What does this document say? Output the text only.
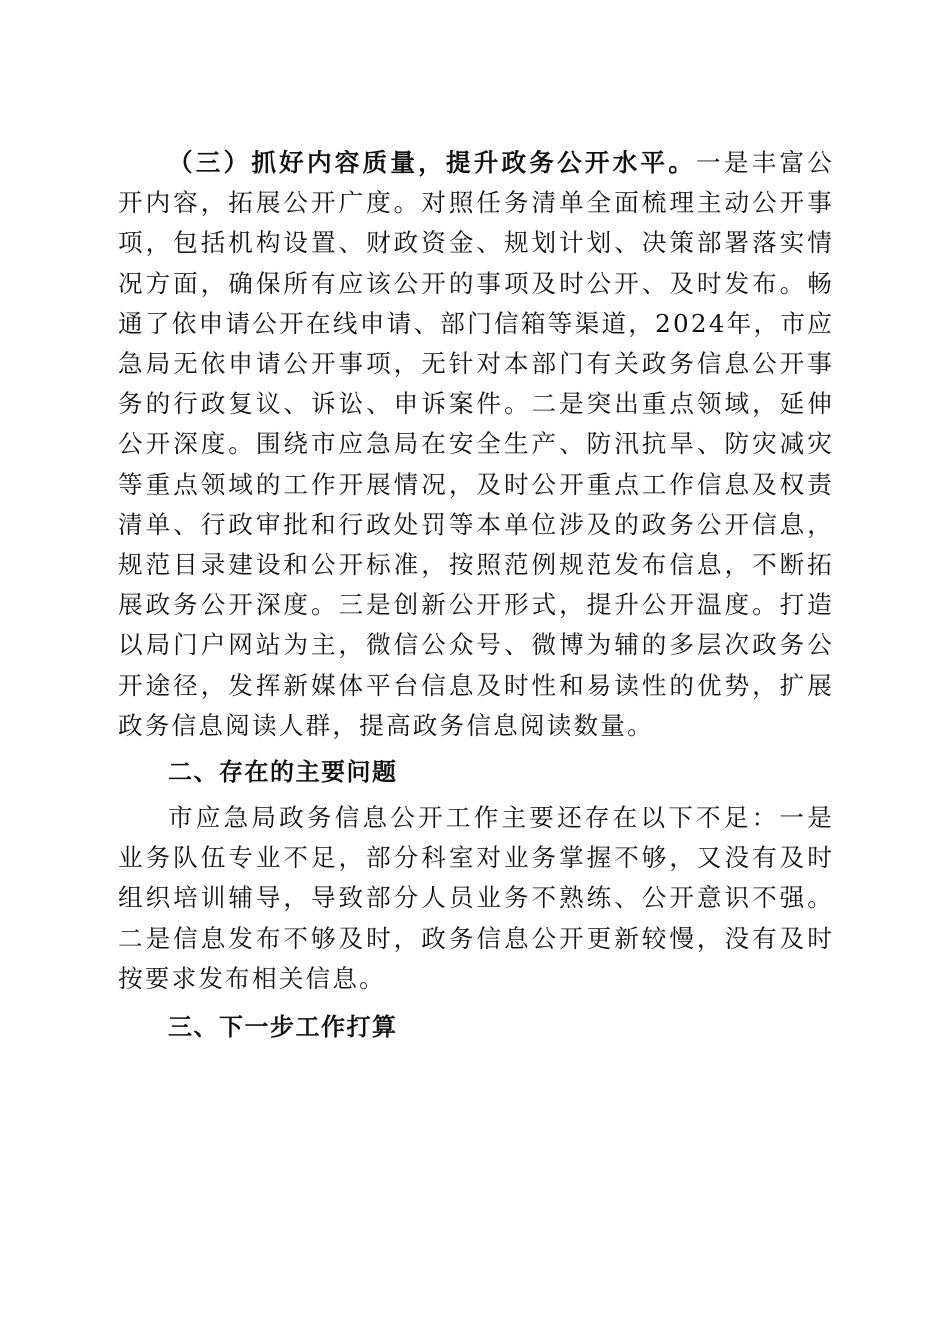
（三）抓好内容质量，提升政务公开水平。一是丰富公开内容，拓展公开广度。对照任务清单全面梳理主动公开事项，包括机构设置、财政资金、规划计划、决策部署落实情况方面，确保所有应该公开的事项及时公开、及时发布。畅通了依申请公开在线申请、部门信箱等渠道，2024年，市应急局无依申请公开事项，无针对本部门有关政务信息公开事务的行政复议、诉讼、申诉案件。二是突出重点领域，延伸公开深度。围绕市应急局在安全生产、防汛抗旱、防灾减灾等重点领域的工作开展情况，及时公开重点工作信息及权责清单、行政审批和行政处罚等本单位涉及的政务公开信息，规范目录建设和公开标准，按照范例规范发布信息，不断拓展政务公开深度。三是创新公开形式，提升公开温度。打造以局门户网站为主，微信公众号、微博为辅的多层次政务公开途径，发挥新媒体平台信息及时性和易读性的优势，扩展政务信息阅读人群，提高政务信息阅读数量。

二、存在的主要问题

市应急局政务信息公开工作主要还存在以下不足：一是业务队伍专业不足，部分科室对业务掌握不够，又没有及时组织培训辅导，导致部分人员业务不熟练、公开意识不强。二是信息发布不够及时，政务信息公开更新较慢，没有及时按要求发布相关信息。

三、下一步工作打算
